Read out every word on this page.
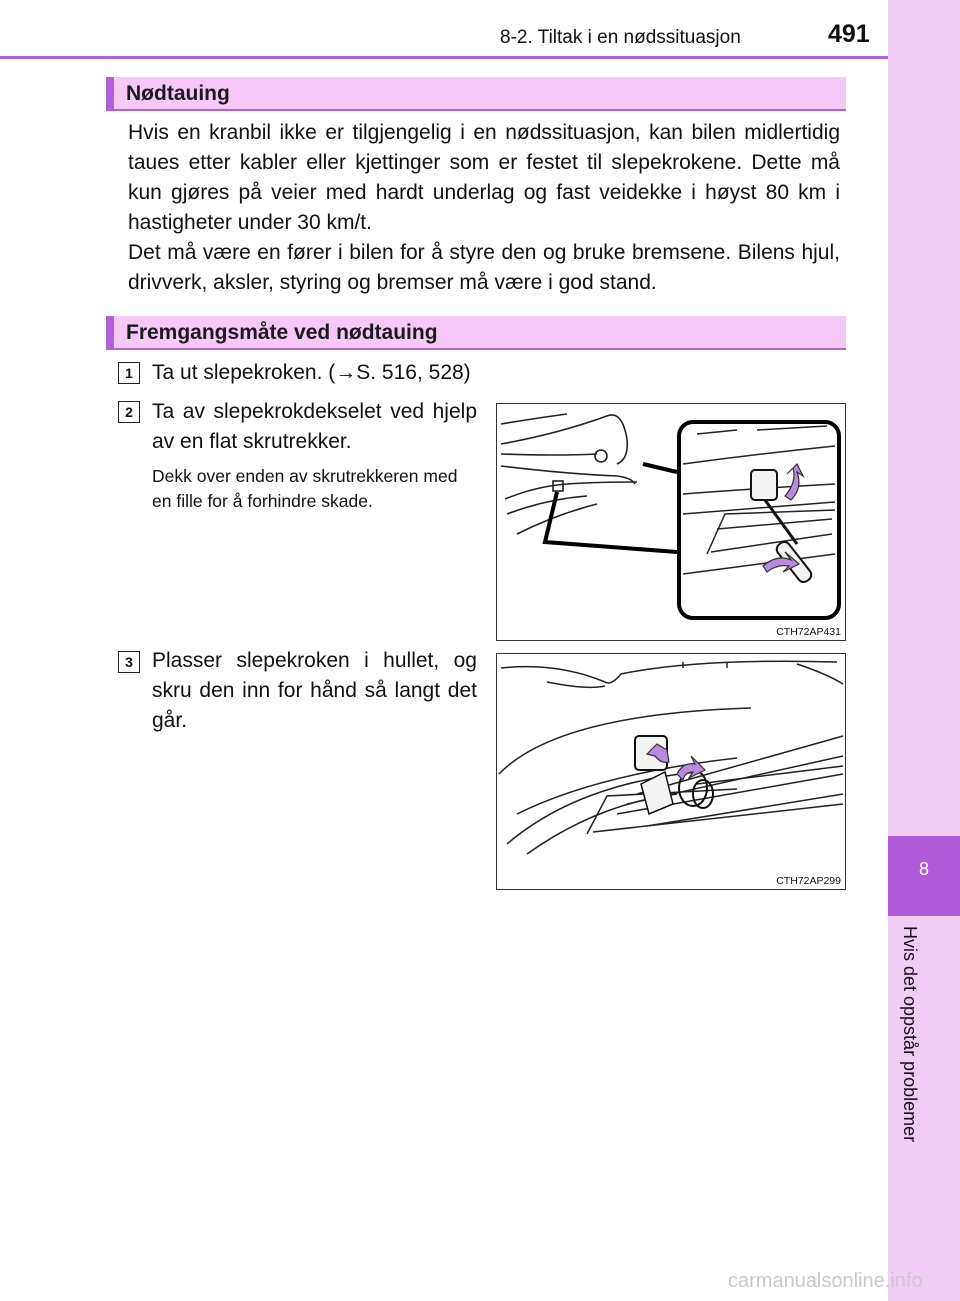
8-2. Tiltak i en nødssituasjon	491
8
Hvis det oppstår problemer
Nødtauing

Hvis en kranbil ikke er tilgjengelig i en nødssituasjon, kan bilen midlertidig taues etter kabler eller kjettinger som er festet til slepekrokene. Dette må kun gjøres på veier med hardt underlag og fast veidekke i høyst 80 km i hastigheter under 30 km/t.

Det må være en fører i bilen for å styre den og bruke bremsene. Bilens hjul, drivverk, aksler, styring og bremser må være i god stand.

Fremgangsmåte ved nødtauing
1 Ta ut slepekroken. (→S. 516, 528)
2 Ta av slepekrokdekselet ved hjelp av en flat skrutrekker.
Dekk over enden av skrutrekkeren med en fille for å forhindre skade.
3 Plasser slepekroken i hullet, og skru den inn for hånd så langt det går.
CTH72AP431
CTH72AP299
carmanualsonline.info
